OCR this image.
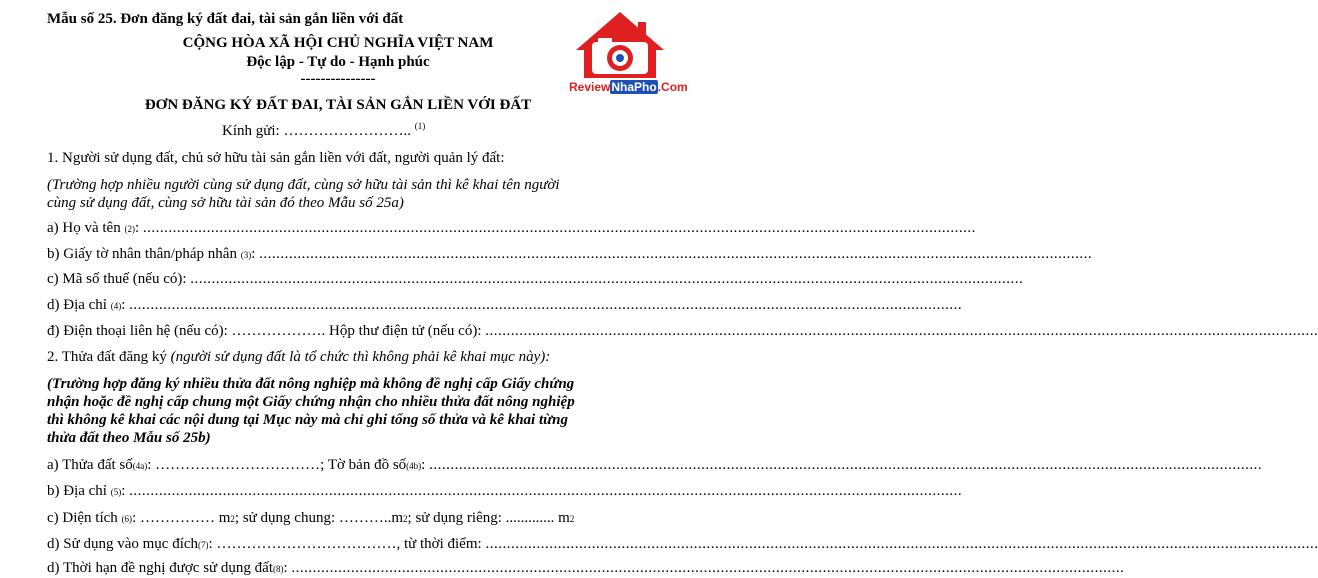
Mẫu số 25. Đơn đăng ký đất đai, tài sản gắn liền với đất
CỘNG HÒA XÃ HỘI CHỦ NGHĨA VIỆT NAM
Độc lập - Tự do - Hạnh phúc
---------------	ReviewNhaPho.Com
ĐƠN ĐĂNG KÝ ĐẤT ĐAI, TÀI SẢN GẮN LIỀN VỚI ĐẤT
Kính gửi: …………………….. $^{(1)}$
1. Người sử dụng đất, chủ sở hữu tài sản gắn liền với đất, người quản lý đất:
(Trường hợp nhiều người cùng sử dụng đất, cùng sở hữu tài sản thì kê khai tên người
cùng sử dụng đất, cùng sở hữu tài sản đó theo Mẫu số 25a)
a) Họ và tên
(2) :

.....
b) Giấy tờ nhân thân/pháp nhân
(3) :

.....
c) Mã số thuế (nếu có):

.....
d) Địa chỉ
(4) :

.....
đ) Điện thoại liên hệ (nếu có): ………………. Hộp thư điện tử (nếu có):

.....
2. Thửa đất đăng ký (người sử dụng đất là tổ chức thì không phải kê khai mục này):
(Trường hợp đăng ký nhiều thửa đất nông nghiệp mà không đề nghị cấp Giấy chứng
nhận hoặc đề nghị cấp chung một Giấy chứng nhận cho nhiều thửa đất nông nghiệp
thì không kê khai các nội dung tại Mục này mà chỉ ghi tổng số thửa và kê khai từng
thửa đất theo Mẫu số 25b)
a) Thửa đất số (4a) : ……………………………; Tờ bản đồ số (4b) :

.....
b) Địa chỉ
(5) :

.....
c) Diện tích
(6) : ……………
m 2 ; sử dụng chung: ……….. m 2 ; sử dụng riêng: .............
m 2
d) Sử dụng vào mục đích (7) : ………………………………, từ thời điểm:

.....
d) Thời hạn đề nghị được sử dụng đất (8) :

.....
